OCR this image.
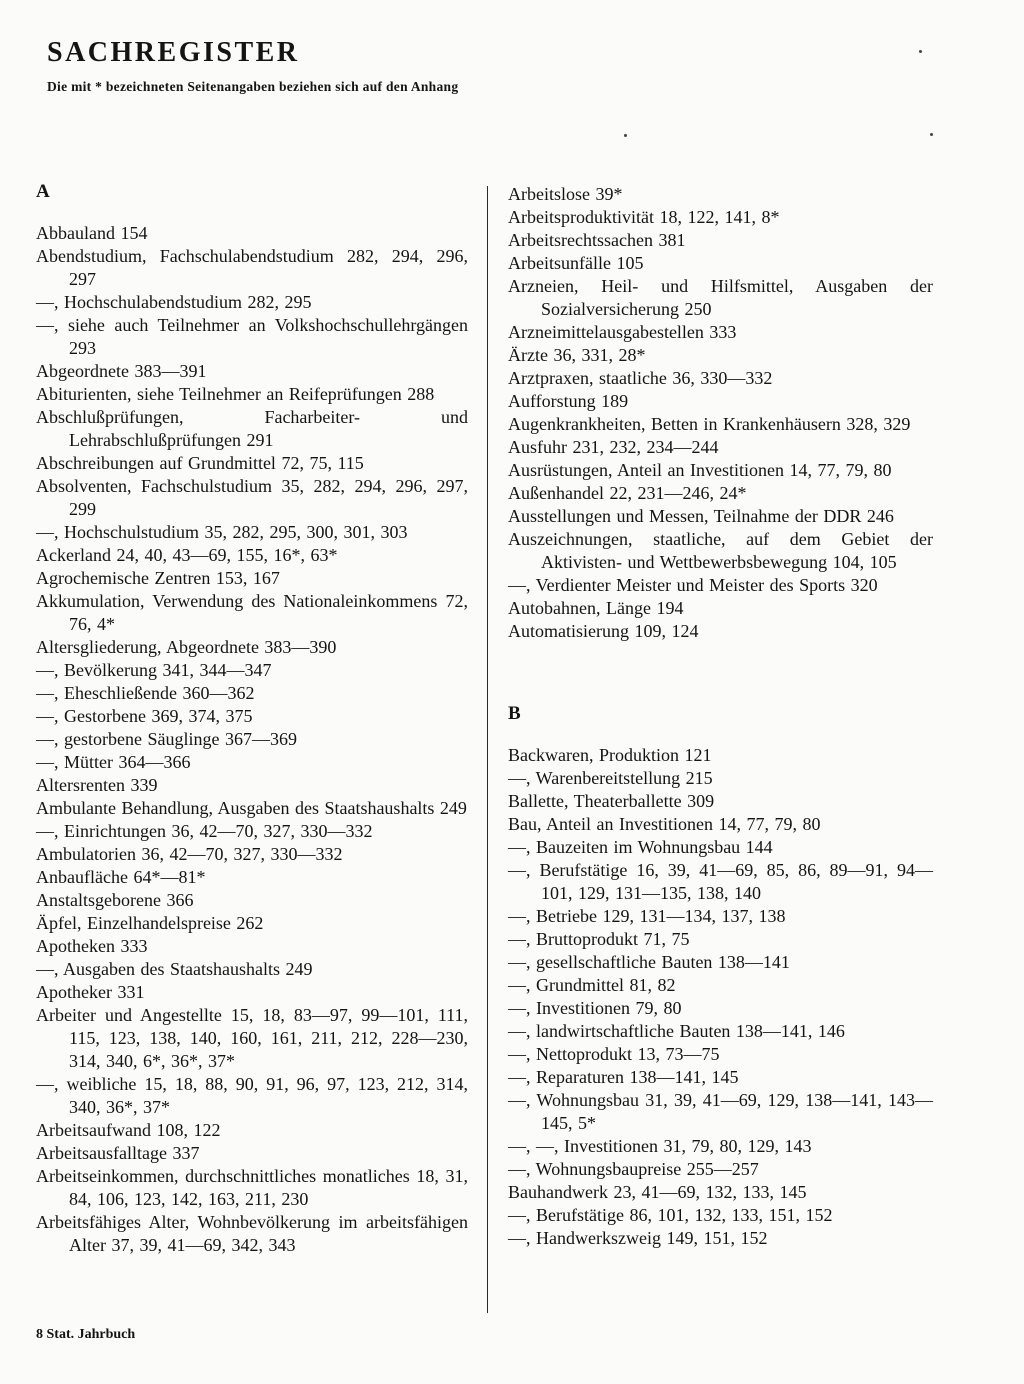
SACHREGISTER
Die mit * bezeichneten Seitenangaben beziehen sich auf den Anhang
A
Abbauland 154
Abendstudium, Fachschulabendstudium 282, 294, 296, 297
—, Hochschulabendstudium 282, 295
—, siehe auch Teilnehmer an Volkshochschullehrgängen 293
Abgeordnete 383—391
Abiturienten, siehe Teilnehmer an Reifeprüfungen 288
Abschlußprüfungen, Facharbeiter- und Lehrabschlußprüfungen 291
Abschreibungen auf Grundmittel 72, 75, 115
Absolventen, Fachschulstudium 35, 282, 294, 296, 297, 299
—, Hochschulstudium 35, 282, 295, 300, 301, 303
Ackerland 24, 40, 43—69, 155, 16*, 63*
Agrochemische Zentren 153, 167
Akkumulation, Verwendung des Nationaleinkommens 72, 76, 4*
Altersgliederung, Abgeordnete 383—390
—, Bevölkerung 341, 344—347
—, Eheschließende 360—362
—, Gestorbene 369, 374, 375
—, gestorbene Säuglinge 367—369
—, Mütter 364—366
Altersrenten 339
Ambulante Behandlung, Ausgaben des Staatshaushalts 249
—, Einrichtungen 36, 42—70, 327, 330—332
Ambulatorien 36, 42—70, 327, 330—332
Anbaufläche 64*—81*
Anstaltsgeborene 366
Äpfel, Einzelhandelspreise 262
Apotheken 333
—, Ausgaben des Staatshaushalts 249
Apotheker 331
Arbeiter und Angestellte 15, 18, 83—97, 99—101, 111, 115, 123, 138, 140, 160, 161, 211, 212, 228—230, 314, 340, 6*, 36*, 37*
—, weibliche 15, 18, 88, 90, 91, 96, 97, 123, 212, 314, 340, 36*, 37*
Arbeitsaufwand 108, 122
Arbeitsausfalltage 337
Arbeitseinkommen, durchschnittliches monatliches 18, 31, 84, 106, 123, 142, 163, 211, 230
Arbeitsfähiges Alter, Wohnbevölkerung im arbeitsfähigen Alter 37, 39, 41—69, 342, 343
Arbeitslose 39*
Arbeitsproduktivität 18, 122, 141, 8*
Arbeitsrechtssachen 381
Arbeitsunfälle 105
Arzneien, Heil- und Hilfsmittel, Ausgaben der Sozialversicherung 250
Arzneimittelausgabestellen 333
Ärzte 36, 331, 28*
Arztpraxen, staatliche 36, 330—332
Aufforstung 189
Augenkrankheiten, Betten in Krankenhäusern 328, 329
Ausfuhr 231, 232, 234—244
Ausrüstungen, Anteil an Investitionen 14, 77, 79, 80
Außenhandel 22, 231—246, 24*
Ausstellungen und Messen, Teilnahme der DDR 246
Auszeichnungen, staatliche, auf dem Gebiet der Aktivisten- und Wettbewerbsbewegung 104, 105
—, Verdienter Meister und Meister des Sports 320
Autobahnen, Länge 194
Automatisierung 109, 124
B
Backwaren, Produktion 121
—, Warenbereitstellung 215
Ballette, Theaterballette 309
Bau, Anteil an Investitionen 14, 77, 79, 80
—, Bauzeiten im Wohnungsbau 144
—, Berufstätige 16, 39, 41—69, 85, 86, 89—91, 94—101, 129, 131—135, 138, 140
—, Betriebe 129, 131—134, 137, 138
—, Bruttoprodukt 71, 75
—, gesellschaftliche Bauten 138—141
—, Grundmittel 81, 82
—, Investitionen 79, 80
—, landwirtschaftliche Bauten 138—141, 146
—, Nettoprodukt 13, 73—75
—, Reparaturen 138—141, 145
—, Wohnungsbau 31, 39, 41—69, 129, 138—141, 143—145, 5*
—, —, Investitionen 31, 79, 80, 129, 143
—, Wohnungsbaupreise 255—257
Bauhandwerk 23, 41—69, 132, 133, 145
—, Berufstätige 86, 101, 132, 133, 151, 152
—, Handwerkszweig 149, 151, 152
8 Stat. Jahrbuch
